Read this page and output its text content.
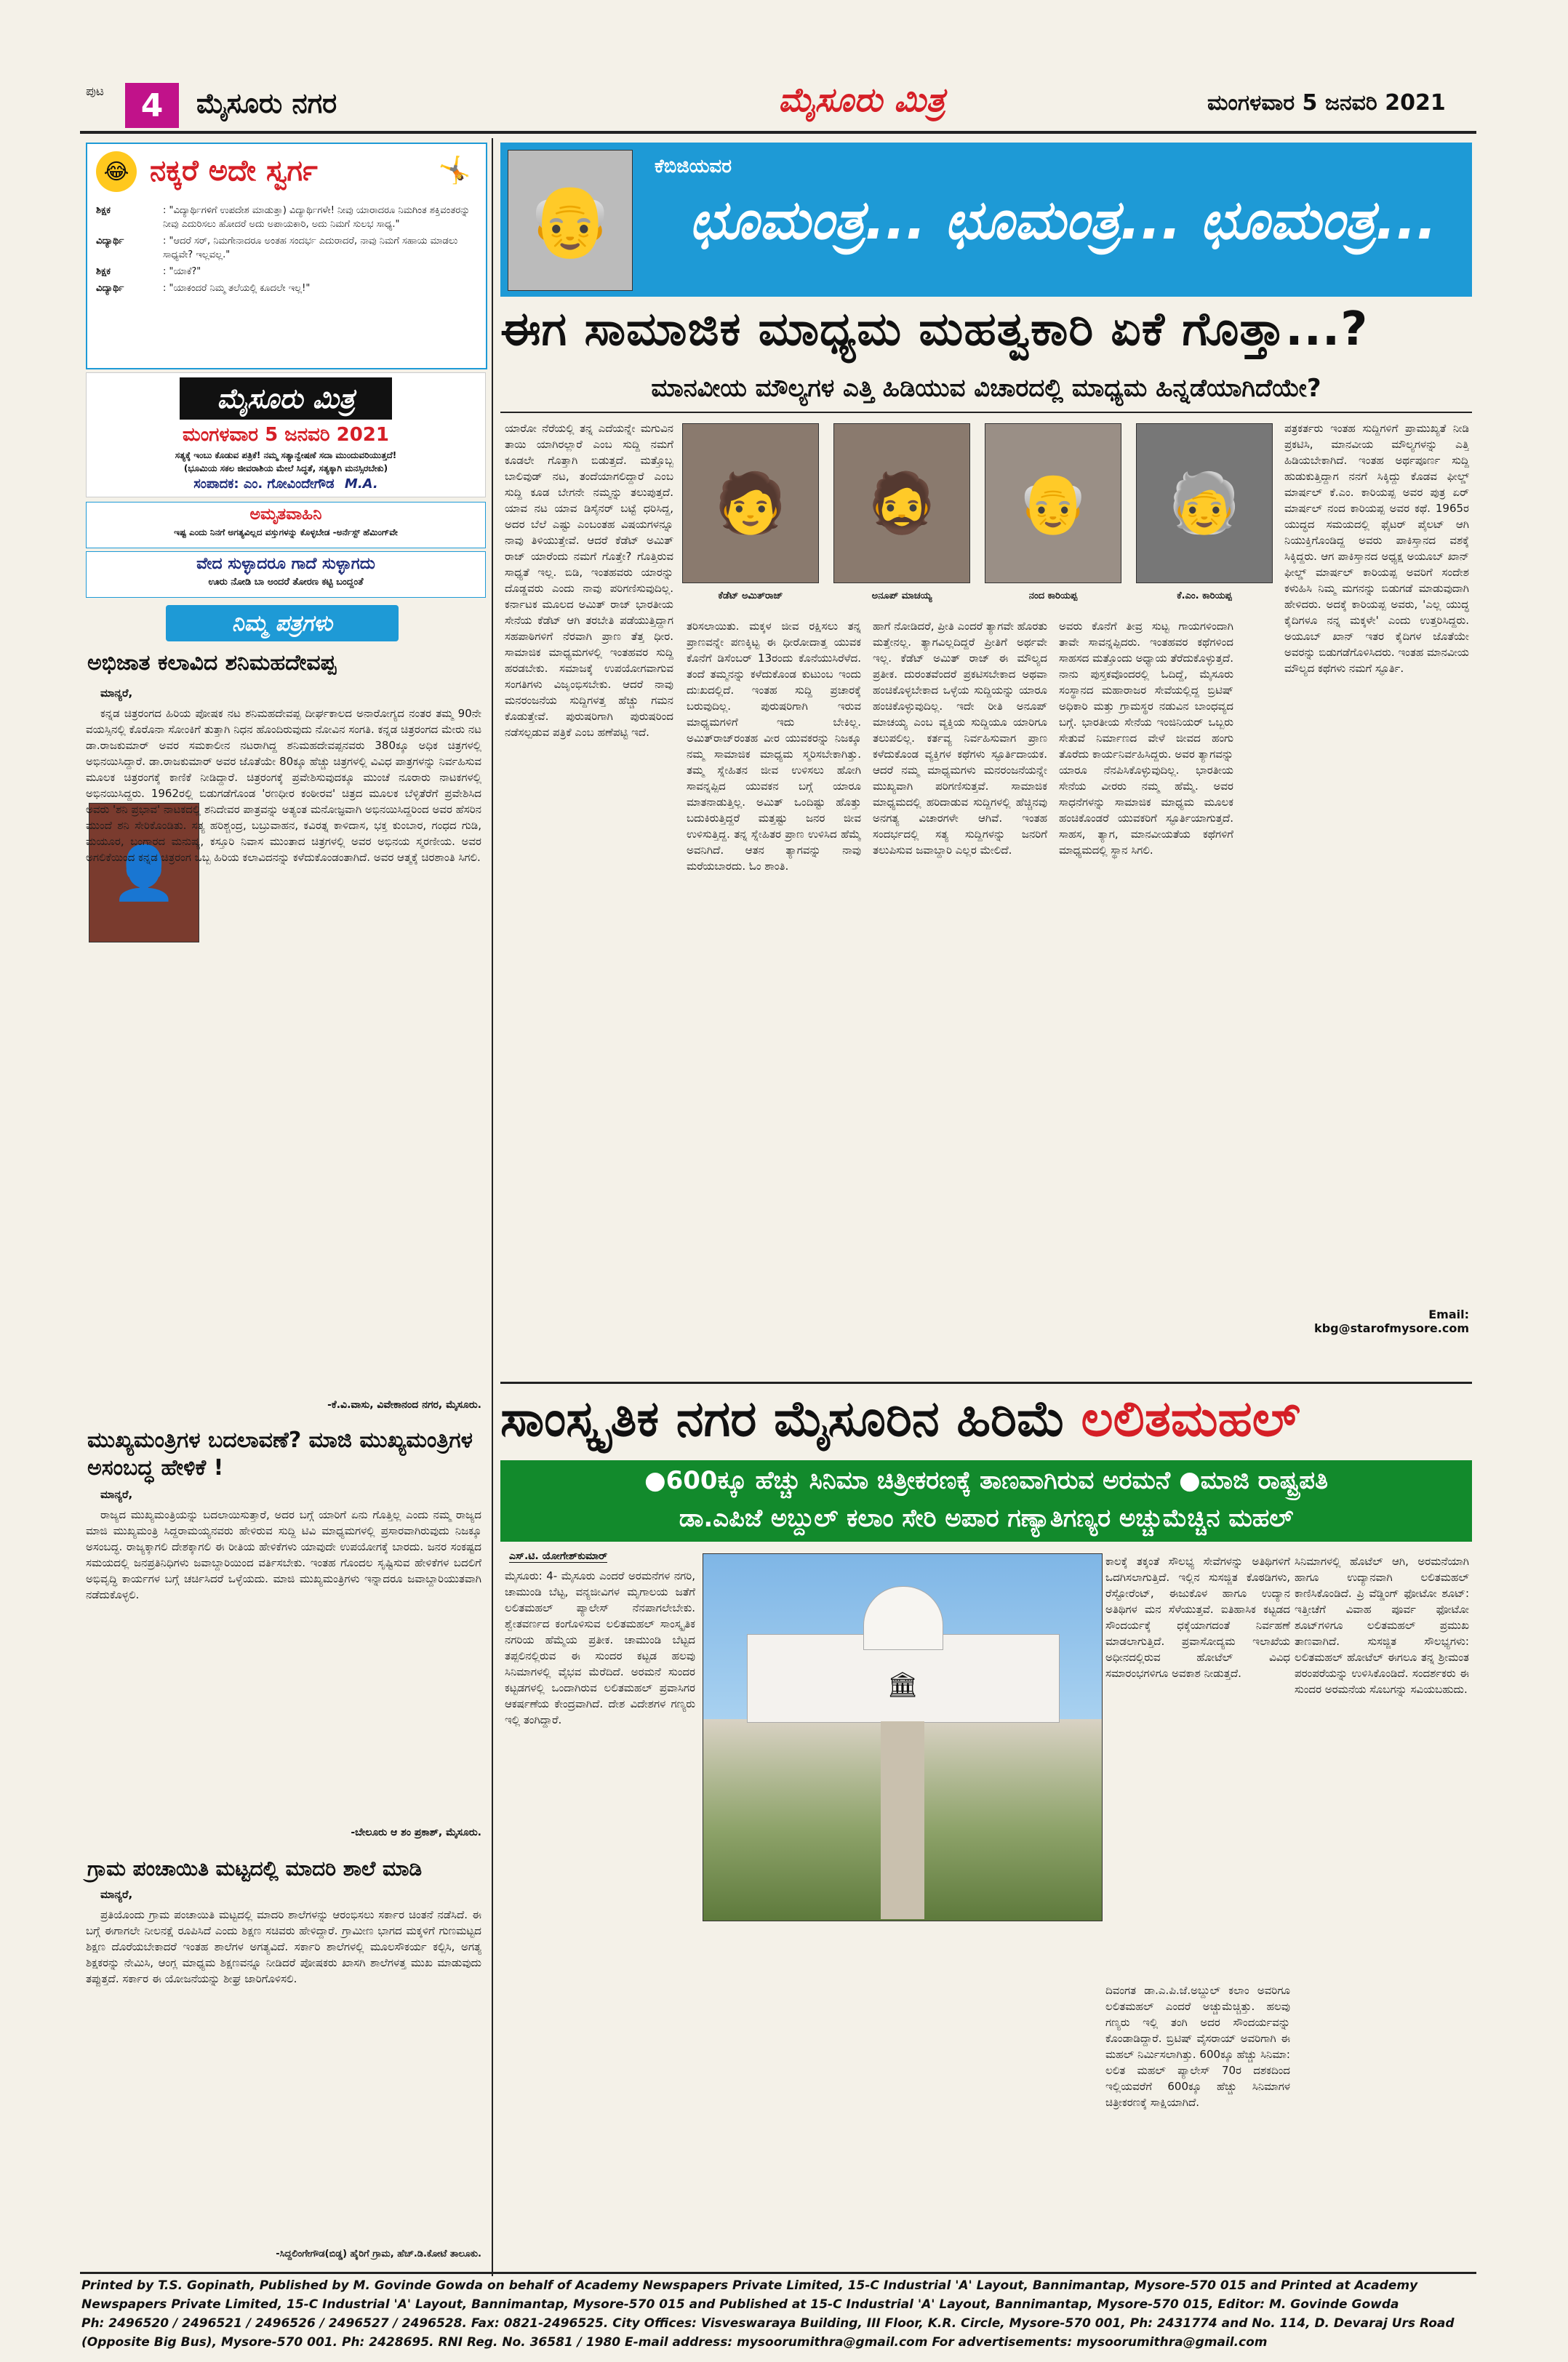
ಪುಟ 4 ಮೈಸೂರು ನಗರ	ಮೈಸೂರು ಮಿತ್ರ	ಮಂಗಳವಾರ 5 ಜನವರಿ 2021
😂 ನಕ್ಕರೆ ಅದೇ ಸ್ವರ್ಗ	🤸
ಶಿಕ್ಷಕ	: "ವಿದ್ಯಾರ್ಥಿಗಳಿಗೆ ಉಪದೇಶ ಮಾಡುತ್ತಾ) ವಿದ್ಯಾರ್ಥಿಗಳೇ! ನೀವು ಯಾರಾದರೂ ನಿಮಗಿಂತ ಶಕ್ತಿವಂತರನ್ನು ನೀವು ಎದುರಿಸಲು ಹೋದರೆ ಅದು ಅಪಾಯಕಾರಿ, ಅದು ನಿಮಗೆ ಸುಲಭ ಸಾಧ್ಯ."
ವಿದ್ಯಾರ್ಥಿ	: "ಆದರೆ ಸರ್, ನಿಮಗೇನಾದರೂ ಅಂತಹ ಸಂದರ್ಭ ಎದುರಾದರೆ, ನಾವು ನಿಮಗೆ ಸಹಾಯ ಮಾಡಲು ಸಾಧ್ಯವೇ? ಇಲ್ಲವಲ್ಲ."
ಶಿಕ್ಷಕ	: "ಯಾಕೆ?"
ವಿದ್ಯಾರ್ಥಿ	: "ಯಾಕಂದರೆ ನಿಮ್ಮ ತಲೆಯಲ್ಲಿ ಕೂದಲೇ ಇಲ್ಲ!"
ಮೈಸೂರು ಮಿತ್ರ
ಮಂಗಳವಾರ 5 ಜನವರಿ 2021
ಸತ್ಯಕ್ಕೆ ಇಂಬು ಕೊಡುವ ಪತ್ರಿಕೆ! ನಮ್ಮ ಸತ್ಯಾನ್ವೇಷಣೆ ಸದಾ ಮುಂದುವರಿಯುತ್ತದೆ!
(ಭೂಮಿಯ ಸಕಲ ಜೀವರಾಶಿಯ ಮೇಲೆ ಸಿದ್ಧತೆ, ಸತ್ಯಕ್ಕಾಗಿ ಮನಸ್ಸಿರಬೇಕು)
ಸಂಪಾದಕ: ಎಂ. ಗೋವಿಂದೇಗೌಡ M.A.
ಅಮೃತವಾಹಿನಿ
ಇಷ್ಟ ಎಂದು ನಿನಗೆ ಅಗತ್ಯವಿಲ್ಲದ ವಸ್ತುಗಳನ್ನು ಕೊಳ್ಳಬೇಡ -ಅರ್ನೆಸ್ಟ್ ಹೆಮಿಂಗ್‌ವೇ
ವೇದ ಸುಳ್ಳಾದರೂ ಗಾದೆ ಸುಳ್ಳಾಗದು
ಊರು ನೋಡಿ ಬಾ ಅಂದರೆ ತೋರಣ ಕಟ್ಟಿ ಬಂದ್ದಂತೆ
ನಿಮ್ಮ ಪತ್ರಗಳು
ಅಭಿಜಾತ ಕಲಾವಿದ ಶನಿಮಹದೇವಪ್ಪ
ಮಾನ್ಯರೆ,
👤

ಕನ್ನಡ ಚಿತ್ರರಂಗದ ಹಿರಿಯ ಪೋಷಕ ನಟ ಶನಿಮಹದೇವಪ್ಪ ದೀರ್ಘಕಾಲದ ಅನಾರೋಗ್ಯದ ನಂತರ ತಮ್ಮ 90ನೇ ವಯಸ್ಸಿನಲ್ಲಿ ಕೊರೊನಾ ಸೋಂಕಿಗೆ ತುತ್ತಾಗಿ ನಿಧನ ಹೊಂದಿರುವುದು ನೋವಿನ ಸಂಗತಿ. ಕನ್ನಡ ಚಿತ್ರರಂಗದ ಮೇರು ನಟ ಡಾ.ರಾಜಕುಮಾರ್ ಅವರ ಸಮಕಾಲೀನ ನಟರಾಗಿದ್ದ ಶನಿಮಹದೇವಪ್ಪನವರು 380ಕ್ಕೂ ಅಧಿಕ ಚಿತ್ರಗಳಲ್ಲಿ ಅಭಿನಯಿಸಿದ್ದಾರೆ. ಡಾ.ರಾಜಕುಮಾರ್ ಅವರ ಜೊತೆಯೇ 80ಕ್ಕೂ ಹೆಚ್ಚು ಚಿತ್ರಗಳಲ್ಲಿ ವಿವಿಧ ಪಾತ್ರಗಳನ್ನು ನಿರ್ವಹಿಸುವ ಮೂಲಕ ಚಿತ್ರರಂಗಕ್ಕೆ ಕಾಣಿಕೆ ನೀಡಿದ್ದಾರೆ. ಚಿತ್ರರಂಗಕ್ಕೆ ಪ್ರವೇಶಿಸುವುದಕ್ಕೂ ಮುಂಚೆ ನೂರಾರು ನಾಟಕಗಳಲ್ಲಿ ಅಭಿನಯಿಸಿದ್ದರು. 1962ರಲ್ಲಿ ಬಿಡುಗಡೆಗೊಂಡ 'ರಣಧೀರ ಕಂಠೀರವ' ಚಿತ್ರದ ಮೂಲಕ ಬೆಳ್ಳಿತೆರೆಗೆ ಪ್ರವೇಶಿಸಿದ ಅವರು 'ಶನಿ ಪ್ರಭಾವ' ನಾಟಕದಲ್ಲಿ ಶನಿದೇವರ ಪಾತ್ರವನ್ನು ಅತ್ಯಂತ ಮನೋಜ್ಞವಾಗಿ ಅಭಿನಯಿಸಿದ್ದರಿಂದ ಅವರ ಹೆಸರಿನ ಮುಂದೆ ಶನಿ ಸೇರಿಕೊಂಡಿತು. ಸತ್ಯ ಹರಿಶ್ಚಂದ್ರ, ಬಬ್ರುವಾಹನ, ಕವಿರತ್ನ ಕಾಳಿದಾಸ, ಭಕ್ತ ಕುಂಬಾರ, ಗಂಧದ ಗುಡಿ, ಮಯೂರ, ಬಂಗಾರದ ಮನುಷ್ಯ, ಕಸ್ತೂರಿ ನಿವಾಸ ಮುಂತಾದ ಚಿತ್ರಗಳಲ್ಲಿ ಅವರ ಅಭಿನಯ ಸ್ಮರಣೀಯ. ಅವರ ಅಗಲಿಕೆಯಿಂದ ಕನ್ನಡ ಚಿತ್ರರಂಗ ಒಬ್ಬ ಹಿರಿಯ ಕಲಾವಿದನನ್ನು ಕಳೆದುಕೊಂಡಂತಾಗಿದೆ. ಅವರ ಆತ್ಮಕ್ಕೆ ಚಿರಶಾಂತಿ ಸಿಗಲಿ.

-ಕೆ.ವಿ.ವಾಸು, ವಿವೇಕಾನಂದ ನಗರ, ಮೈಸೂರು.
ಮುಖ್ಯಮಂತ್ರಿಗಳ ಬದಲಾವಣೆ? ಮಾಜಿ ಮುಖ್ಯಮಂತ್ರಿಗಳ ಅಸಂಬದ್ಧ ಹೇಳಿಕೆ !
ಮಾನ್ಯರೆ,

ರಾಜ್ಯದ ಮುಖ್ಯಮಂತ್ರಿಯನ್ನು ಬದಲಾಯಿಸುತ್ತಾರೆ, ಅದರ ಬಗ್ಗೆ ಯಾರಿಗೆ ಏನು ಗೊತ್ತಿಲ್ಲ ಎಂದು ನಮ್ಮ ರಾಜ್ಯದ ಮಾಜಿ ಮುಖ್ಯಮಂತ್ರಿ ಸಿದ್ದರಾಮಯ್ಯನವರು ಹೇಳಿರುವ ಸುದ್ದಿ ಟಿವಿ ಮಾಧ್ಯಮಗಳಲ್ಲಿ ಪ್ರಸಾರವಾಗಿರುವುದು ನಿಜಕ್ಕೂ ಅಸಂಬದ್ಧ. ರಾಜ್ಯಕ್ಕಾಗಲಿ ದೇಶಕ್ಕಾಗಲಿ ಈ ರೀತಿಯ ಹೇಳಿಕೆಗಳು ಯಾವುದೇ ಉಪಯೋಗಕ್ಕೆ ಬಾರದು. ಜನರ ಸಂಕಷ್ಟದ ಸಮಯದಲ್ಲಿ ಜನಪ್ರತಿನಿಧಿಗಳು ಜವಾಬ್ದಾರಿಯಿಂದ ವರ್ತಿಸಬೇಕು. ಇಂತಹ ಗೊಂದಲ ಸೃಷ್ಟಿಸುವ ಹೇಳಿಕೆಗಳ ಬದಲಿಗೆ ಅಭಿವೃದ್ಧಿ ಕಾರ್ಯಗಳ ಬಗ್ಗೆ ಚರ್ಚಿಸಿದರೆ ಒಳ್ಳೆಯದು. ಮಾಜಿ ಮುಖ್ಯಮಂತ್ರಿಗಳು ಇನ್ನಾದರೂ ಜವಾಬ್ದಾರಿಯುತವಾಗಿ ನಡೆದುಕೊಳ್ಳಲಿ.

-ಬೇಲೂರು ಆ ಶಂ ಪ್ರಕಾಶ್, ಮೈಸೂರು.
ಗ್ರಾಮ ಪಂಚಾಯಿತಿ ಮಟ್ಟದಲ್ಲಿ ಮಾದರಿ ಶಾಲೆ ಮಾಡಿ
ಮಾನ್ಯರೆ,

ಪ್ರತಿಯೊಂದು ಗ್ರಾಮ ಪಂಚಾಯಿತಿ ಮಟ್ಟದಲ್ಲಿ ಮಾದರಿ ಶಾಲೆಗಳನ್ನು ಆರಂಭಿಸಲು ಸರ್ಕಾರ ಚಿಂತನೆ ನಡೆಸಿದೆ. ಈ ಬಗ್ಗೆ ಈಗಾಗಲೇ ನೀಲನಕ್ಷೆ ರೂಪಿಸಿದೆ ಎಂದು ಶಿಕ್ಷಣ ಸಚಿವರು ಹೇಳಿದ್ದಾರೆ. ಗ್ರಾಮೀಣ ಭಾಗದ ಮಕ್ಕಳಿಗೆ ಗುಣಮಟ್ಟದ ಶಿಕ್ಷಣ ದೊರೆಯಬೇಕಾದರೆ ಇಂತಹ ಶಾಲೆಗಳ ಅಗತ್ಯವಿದೆ. ಸರ್ಕಾರಿ ಶಾಲೆಗಳಲ್ಲಿ ಮೂಲಸೌಕರ್ಯ ಕಲ್ಪಿಸಿ, ಅಗತ್ಯ ಶಿಕ್ಷಕರನ್ನು ನೇಮಿಸಿ, ಆಂಗ್ಲ ಮಾಧ್ಯಮ ಶಿಕ್ಷಣವನ್ನೂ ನೀಡಿದರೆ ಪೋಷಕರು ಖಾಸಗಿ ಶಾಲೆಗಳತ್ತ ಮುಖ ಮಾಡುವುದು ತಪ್ಪುತ್ತದೆ. ಸರ್ಕಾರ ಈ ಯೋಜನೆಯನ್ನು ಶೀಘ್ರ ಜಾರಿಗೊಳಿಸಲಿ.

-ಸಿದ್ದಲಿಂಗೇಗೌಡ(ಬಿಡ್ಡ) ಹೈರಿಗೆ ಗ್ರಾಮ, ಹೆಚ್.ಡಿ.ಕೋಟೆ ತಾಲೂಕು.
👴
ಕೆಬಿಜಿಯವರ
ಛೂಮಂತ್ರ... ಛೂಮಂತ್ರ... ಛೂಮಂತ್ರ...
ಈಗ ಸಾಮಾಜಿಕ ಮಾಧ್ಯಮ ಮಹತ್ವಕಾರಿ ಏಕೆ ಗೊತ್ತಾ...?
ಮಾನವೀಯ ಮೌಲ್ಯಗಳ ಎತ್ತಿ ಹಿಡಿಯುವ ವಿಚಾರದಲ್ಲಿ ಮಾಧ್ಯಮ ಹಿನ್ನಡೆಯಾಗಿದೆಯೇ?
🧑
ಕೆಡೆಟ್ ಅಮಿತ್‌ರಾಜ್
🧔
ಅನೂಪ್ ಮಾಚಯ್ಯ
👴
ನಂದ ಕಾರಿಯಪ್ಪ
🧓
ಕೆ.ಎಂ. ಕಾರಿಯಪ್ಪ

ಯಾರೋ ನೆರೆಯಲ್ಲಿ ತನ್ನ ಎದೆಯನ್ನೇ ಮಗುವಿನ ತಾಯಿ ಯಾಗಿರಲ್ಲಾರೆ ಎಂಬ ಸುದ್ದಿ ನಮಗೆ ಕೂಡಲೇ ಗೊತ್ತಾಗಿ ಬಿಡುತ್ತದೆ. ಮತ್ತೊಬ್ಬ ಬಾಲಿವುಡ್ ನಟ, ತಂದೆಯಾಗಲಿದ್ದಾರೆ ಎಂಬ ಸುದ್ದಿ ಕೂಡ ಬೇಗನೇ ನಮ್ಮನ್ನು ತಲುಪುತ್ತದೆ. ಯಾವ ನಟ ಯಾವ ಡಿಸೈನರ್ ಬಟ್ಟೆ ಧರಿಸಿದ್ದ, ಅದರ ಬೆಲೆ ಎಷ್ಟು ಎಂಬಂತಹ ವಿಷಯಗಳನ್ನೂ ನಾವು ತಿಳಿಯುತ್ತೇವೆ. ಆದರೆ ಕೆಡೆಟ್ ಅಮಿತ್ ರಾಜ್ ಯಾರೆಂದು ನಮಗೆ ಗೊತ್ತೇ? ಗೊತ್ತಿರುವ ಸಾಧ್ಯತೆ ಇಲ್ಲ. ಬಿಡಿ, ಇಂತಹವರು ಯಾರನ್ನು ದೊಡ್ಡವರು ಎಂದು ನಾವು ಪರಿಗಣಿಸುವುದಿಲ್ಲ. ಕರ್ನಾಟಕ ಮೂಲದ ಅಮಿತ್ ರಾಜ್ ಭಾರತೀಯ ಸೇನೆಯ ಕೆಡೆಟ್ ಆಗಿ ತರಬೇತಿ ಪಡೆಯುತ್ತಿದ್ದಾಗ ಸಹಪಾಠಿಗಳಿಗೆ ನೆರವಾಗಿ ಪ್ರಾಣ ತೆತ್ತ ಧೀರ. ಸಾಮಾಜಿಕ ಮಾಧ್ಯಮಗಳಲ್ಲಿ ಇಂತಹವರ ಸುದ್ದಿ ಹರಡಬೇಕು. ಸಮಾಜಕ್ಕೆ ಉಪಯೋಗವಾಗುವ ಸಂಗತಿಗಳು ವಿಜೃಂಭಿಸಬೇಕು. ಆದರೆ ನಾವು ಮನರಂಜನೆಯ ಸುದ್ದಿಗಳತ್ತ ಹೆಚ್ಚು ಗಮನ ಕೊಡುತ್ತೇವೆ. ಪುರುಷರಿಗಾಗಿ ಪುರುಷರಿಂದ ನಡೆಸಲ್ಪಡುವ ಪತ್ರಿಕೆ ಎಂಬ ಹಣೆಪಟ್ಟಿ ಇದೆ.

ತರಿಸಲಾಯಿತು. ಮಕ್ಕಳ ಜೀವ ರಕ್ಷಿಸಲು ತನ್ನ ಪ್ರಾಣವನ್ನೇ ಪಣಕ್ಕಿಟ್ಟ ಈ ಧೀರೋದಾತ್ತ ಯುವಕ ಕೊನೆಗೆ ಡಿಸೆಂಬರ್ 13ರಂದು ಕೊನೆಯುಸಿರೆಳೆದ. ತಂದೆ ತಮ್ಮನನ್ನು ಕಳೆದುಕೊಂಡ ಕುಟುಂಬ ಇಂದು ದುಃಖದಲ್ಲಿದೆ. ಇಂತಹ ಸುದ್ದಿ ಪ್ರಚಾರಕ್ಕೆ ಬರುವುದಿಲ್ಲ. ಪುರುಷರಿಗಾಗಿ ಇರುವ ಮಾಧ್ಯಮಗಳಿಗೆ ಇದು ಬೇಕಿಲ್ಲ. ಅಮಿತ್‌ರಾಜ್‌ರಂತಹ ವೀರ ಯುವಕರನ್ನು ನಿಜಕ್ಕೂ ನಮ್ಮ ಸಾಮಾಜಿಕ ಮಾಧ್ಯಮ ಸ್ಮರಿಸಬೇಕಾಗಿತ್ತು. ತಮ್ಮ ಸ್ನೇಹಿತನ ಜೀವ ಉಳಿಸಲು ಹೋಗಿ ಸಾವನ್ನಪ್ಪಿದ ಯುವಕನ ಬಗ್ಗೆ ಯಾರೂ ಮಾತನಾಡುತ್ತಿಲ್ಲ. ಅಮಿತ್ ಒಂದಿಷ್ಟು ಹೊತ್ತು ಬದುಕಿರುತ್ತಿದ್ದರೆ ಮತ್ತಷ್ಟು ಜನರ ಜೀವ ಉಳಿಸುತ್ತಿದ್ದ. ತನ್ನ ಸ್ನೇಹಿತರ ಪ್ರಾಣ ಉಳಿಸಿದ ಹೆಮ್ಮೆ ಅವನಿಗಿದೆ. ಆತನ ತ್ಯಾಗವನ್ನು ನಾವು ಮರೆಯಬಾರದು. ಓಂ ಶಾಂತಿ.

ಹಾಗೆ ನೋಡಿದರೆ, ಪ್ರೀತಿ ಎಂದರೆ ತ್ಯಾಗವೇ ಹೊರತು ಮತ್ತೇನಲ್ಲ. ತ್ಯಾಗವಿಲ್ಲದಿದ್ದರೆ ಪ್ರೀತಿಗೆ ಅರ್ಥವೇ ಇಲ್ಲ. ಕೆಡೆಟ್ ಅಮಿತ್ ರಾಜ್ ಈ ಮೌಲ್ಯದ ಪ್ರತೀಕ. ದುರಂತವೆಂದರೆ ಪ್ರಕಟಿಸಬೇಕಾದ ಅಥವಾ ಹಂಚಿಕೊಳ್ಳಬೇಕಾದ ಒಳ್ಳೆಯ ಸುದ್ದಿಯನ್ನು ಯಾರೂ ಹಂಚಿಕೊಳ್ಳುವುದಿಲ್ಲ. ಇದೇ ರೀತಿ ಅನೂಪ್ ಮಾಚಯ್ಯ ಎಂಬ ವ್ಯಕ್ತಿಯ ಸುದ್ದಿಯೂ ಯಾರಿಗೂ ತಲುಪಲಿಲ್ಲ. ಕರ್ತವ್ಯ ನಿರ್ವಹಿಸುವಾಗ ಪ್ರಾಣ ಕಳೆದುಕೊಂಡ ವ್ಯಕ್ತಿಗಳ ಕಥೆಗಳು ಸ್ಫೂರ್ತಿದಾಯಕ. ಆದರೆ ನಮ್ಮ ಮಾಧ್ಯಮಗಳು ಮನರಂಜನೆಯನ್ನೇ ಮುಖ್ಯವಾಗಿ ಪರಿಗಣಿಸುತ್ತವೆ. ಸಾಮಾಜಿಕ ಮಾಧ್ಯಮದಲ್ಲಿ ಹರಿದಾಡುವ ಸುದ್ದಿಗಳಲ್ಲಿ ಹೆಚ್ಚಿನವು ಅನಗತ್ಯ ವಿಚಾರಗಳೇ ಆಗಿವೆ. ಇಂತಹ ಸಂದರ್ಭದಲ್ಲಿ ಸತ್ಯ ಸುದ್ದಿಗಳನ್ನು ಜನರಿಗೆ ತಲುಪಿಸುವ ಜವಾಬ್ದಾರಿ ಎಲ್ಲರ ಮೇಲಿದೆ.

ಅವರು ಕೊನೆಗೆ ತೀವ್ರ ಸುಟ್ಟ ಗಾಯಗಳಿಂದಾಗಿ ತಾವೇ ಸಾವನ್ನಪ್ಪಿದರು. ಇಂತಹವರ ಕಥೆಗಳಿಂದ ಸಾಹಸದ ಮತ್ತೊಂದು ಅಧ್ಯಾಯ ತೆರೆದುಕೊಳ್ಳುತ್ತದೆ. ನಾನು ಪುಸ್ತಕವೊಂದರಲ್ಲಿ ಓದಿದ್ದೆ, ಮೈಸೂರು ಸಂಸ್ಥಾನದ ಮಹಾರಾಜರ ಸೇವೆಯಲ್ಲಿದ್ದ ಬ್ರಿಟಿಷ್ ಅಧಿಕಾರಿ ಮತ್ತು ಗ್ರಾಮಸ್ಥರ ನಡುವಿನ ಬಾಂಧವ್ಯದ ಬಗ್ಗೆ. ಭಾರತೀಯ ಸೇನೆಯ ಇಂಜಿನಿಯರ್ ಒಬ್ಬರು ಸೇತುವೆ ನಿರ್ಮಾಣದ ವೇಳೆ ಜೀವದ ಹಂಗು ತೊರೆದು ಕಾರ್ಯನಿರ್ವಹಿಸಿದ್ದರು. ಅವರ ತ್ಯಾಗವನ್ನು ಯಾರೂ ನೆನಪಿಸಿಕೊಳ್ಳುವುದಿಲ್ಲ. ಭಾರತೀಯ ಸೇನೆಯ ವೀರರು ನಮ್ಮ ಹೆಮ್ಮೆ. ಅವರ ಸಾಧನೆಗಳನ್ನು ಸಾಮಾಜಿಕ ಮಾಧ್ಯಮ ಮೂಲಕ ಹಂಚಿಕೊಂಡರೆ ಯುವಕರಿಗೆ ಸ್ಫೂರ್ತಿಯಾಗುತ್ತದೆ. ಸಾಹಸ, ತ್ಯಾಗ, ಮಾನವೀಯತೆಯ ಕಥೆಗಳಿಗೆ ಮಾಧ್ಯಮದಲ್ಲಿ ಸ್ಥಾನ ಸಿಗಲಿ.

ಪತ್ರಕರ್ತರು ಇಂತಹ ಸುದ್ದಿಗಳಿಗೆ ಪ್ರಾಮುಖ್ಯತೆ ನೀಡಿ ಪ್ರಕಟಿಸಿ, ಮಾನವೀಯ ಮೌಲ್ಯಗಳನ್ನು ಎತ್ತಿ ಹಿಡಿಯಬೇಕಾಗಿದೆ. ಇಂತಹ ಅರ್ಥಪೂರ್ಣ ಸುದ್ದಿ ಹುಡುಕುತ್ತಿದ್ದಾಗ ನನಗೆ ಸಿಕ್ಕಿದ್ದು ಕೊಡವ ಫೀಲ್ಡ್ ಮಾರ್ಷಲ್ ಕೆ.ಎಂ. ಕಾರಿಯಪ್ಪ ಅವರ ಪುತ್ರ ಏರ್ ಮಾರ್ಷಲ್ ನಂದ ಕಾರಿಯಪ್ಪ ಅವರ ಕಥೆ. 1965ರ ಯುದ್ಧದ ಸಮಯದಲ್ಲಿ ಫೈಟರ್ ಪೈಲಟ್ ಆಗಿ ನಿಯುಕ್ತಿಗೊಂಡಿದ್ದ ಅವರು ಪಾಕಿಸ್ತಾನದ ವಶಕ್ಕೆ ಸಿಕ್ಕಿದ್ದರು. ಆಗ ಪಾಕಿಸ್ತಾನದ ಅಧ್ಯಕ್ಷ ಅಯೂಬ್ ಖಾನ್ ಫೀಲ್ಡ್ ಮಾರ್ಷಲ್ ಕಾರಿಯಪ್ಪ ಅವರಿಗೆ ಸಂದೇಶ ಕಳುಹಿಸಿ ನಿಮ್ಮ ಮಗನನ್ನು ಬಿಡುಗಡೆ ಮಾಡುವುದಾಗಿ ಹೇಳಿದರು. ಅದಕ್ಕೆ ಕಾರಿಯಪ್ಪ ಅವರು, 'ಎಲ್ಲ ಯುದ್ಧ ಕೈದಿಗಳೂ ನನ್ನ ಮಕ್ಕಳೇ' ಎಂದು ಉತ್ತರಿಸಿದ್ದರು. ಅಯೂಬ್ ಖಾನ್ ಇತರ ಕೈದಿಗಳ ಜೊತೆಯೇ ಅವರನ್ನು ಬಿಡುಗಡೆಗೊಳಿಸಿದರು. ಇಂತಹ ಮಾನವೀಯ ಮೌಲ್ಯದ ಕಥೆಗಳು ನಮಗೆ ಸ್ಫೂರ್ತಿ.

Email:
kbg@starofmysore.com
ಸಾಂಸ್ಕೃತಿಕ ನಗರ ಮೈಸೂರಿನ ಹಿರಿಮೆ ಲಲಿತಮಹಲ್
●600ಕ್ಕೂ ಹೆಚ್ಚು ಸಿನಿಮಾ ಚಿತ್ರೀಕರಣಕ್ಕೆ ತಾಣವಾಗಿರುವ ಅರಮನೆ ●ಮಾಜಿ ರಾಷ್ಟ್ರಪತಿ
ಡಾ.ಎಪಿಜೆ ಅಬ್ದುಲ್ ಕಲಾಂ ಸೇರಿ ಅಪಾರ ಗಣ್ಯಾತಿಗಣ್ಯರ ಅಚ್ಚುಮೆಚ್ಚಿನ ಮಹಲ್
ಎಸ್.ಟಿ. ಯೋಗೇಶ್‌ಕುಮಾರ್

ಮೈಸೂರು: 4- ಮೈಸೂರು ಎಂದರೆ ಅರಮನೆಗಳ ನಗರಿ, ಚಾಮುಂಡಿ ಬೆಟ್ಟ, ವನ್ಯಜೀವಿಗಳ ಮೃಗಾಲಯ ಜತೆಗೆ ಲಲಿತಮಹಲ್ ಪ್ಯಾಲೇಸ್ ನೆನಪಾಗಲೇಬೇಕು. ಶ್ವೇತವರ್ಣದ ಕಂಗೊಳಿಸುವ ಲಲಿತಮಹಲ್ ಸಾಂಸ್ಕೃತಿಕ ನಗರಿಯ ಹೆಮ್ಮೆಯ ಪ್ರತೀಕ. ಚಾಮುಂಡಿ ಬೆಟ್ಟದ ತಪ್ಪಲಿನಲ್ಲಿರುವ ಈ ಸುಂದರ ಕಟ್ಟಡ ಹಲವು ಸಿನಿಮಾಗಳಲ್ಲಿ ವೈಭವ ಮೆರೆದಿದೆ. ಅರಮನೆ ಸುಂದರ ಕಟ್ಟಡಗಳಲ್ಲಿ ಒಂದಾಗಿರುವ ಲಲಿತಮಹಲ್ ಪ್ರವಾಸಿಗರ ಆಕರ್ಷಣೆಯ ಕೇಂದ್ರವಾಗಿದೆ. ದೇಶ ವಿದೇಶಗಳ ಗಣ್ಯರು ಇಲ್ಲಿ ತಂಗಿದ್ದಾರೆ.

🏛

ಕಾಲಕ್ಕೆ ತಕ್ಕಂತೆ ಸೌಲಭ್ಯ ಸೇವೆಗಳನ್ನು ಅತಿಥಿಗಳಿಗೆ ಒದಗಿಸಲಾಗುತ್ತಿದೆ. ಇಲ್ಲಿನ ಸುಸಜ್ಜಿತ ಕೊಠಡಿಗಳು, ರೆಸ್ಟೋರೆಂಟ್, ಈಜುಕೊಳ ಹಾಗೂ ಉದ್ಯಾನ ಅತಿಥಿಗಳ ಮನ ಸೆಳೆಯುತ್ತವೆ. ಐತಿಹಾಸಿಕ ಕಟ್ಟಡದ ಸೌಂದರ್ಯಕ್ಕೆ ಧಕ್ಕೆಯಾಗದಂತೆ ನಿರ್ವಹಣೆ ಮಾಡಲಾಗುತ್ತಿದೆ. ಪ್ರವಾಸೋದ್ಯಮ ಇಲಾಖೆಯ ಅಧೀನದಲ್ಲಿರುವ ಹೋಟೆಲ್ ವಿವಿಧ ಸಮಾರಂಭಗಳಿಗೂ ಅವಕಾಶ ನೀಡುತ್ತದೆ.

ದಿವಂಗತ ಡಾ.ಎ.ಪಿ.ಜೆ.ಅಬ್ದುಲ್ ಕಲಾಂ ಅವರಿಗೂ ಲಲಿತಮಹಲ್ ಎಂದರೆ ಅಚ್ಚುಮೆಚ್ಚಿತ್ತು. ಹಲವು ಗಣ್ಯರು ಇಲ್ಲಿ ತಂಗಿ ಅದರ ಸೌಂದರ್ಯವನ್ನು ಕೊಂಡಾಡಿದ್ದಾರೆ. ಬ್ರಿಟಿಷ್ ವೈಸರಾಯ್ ಅವರಿಗಾಗಿ ಈ ಮಹಲ್ ನಿರ್ಮಿಸಲಾಗಿತ್ತು. 600ಕ್ಕೂ ಹೆಚ್ಚು ಸಿನಿಮಾ: ಲಲಿತ ಮಹಲ್ ಪ್ಯಾಲೇಸ್ 70ರ ದಶಕದಿಂದ ಇಲ್ಲಿಯವರೆಗೆ 600ಕ್ಕೂ ಹೆಚ್ಚು ಸಿನಿಮಾಗಳ ಚಿತ್ರೀಕರಣಕ್ಕೆ ಸಾಕ್ಷಿಯಾಗಿದೆ.

ಸಿನಿಮಾಗಳಲ್ಲಿ ಹೊಟೆಲ್ ಆಗಿ, ಅರಮನೆಯಾಗಿ ಹಾಗೂ ಉದ್ಯಾನವಾಗಿ ಲಲಿತಮಹಲ್ ಕಾಣಿಸಿಕೊಂಡಿದೆ. ಪ್ರಿ ವೆಡ್ಡಿಂಗ್ ಫೋಟೋ ಶೂಟ್: ಇತ್ತೀಚೆಗೆ ವಿವಾಹ ಪೂರ್ವ ಫೋಟೋ ಶೂಟ್‌ಗಳಿಗೂ ಲಲಿತಮಹಲ್ ಪ್ರಮುಖ ತಾಣವಾಗಿದೆ. ಸುಸಜ್ಜಿತ ಸೌಲಭ್ಯಗಳು: ಲಲಿತಮಹಲ್ ಹೋಟೆಲ್ ಈಗಲೂ ತನ್ನ ಶ್ರೀಮಂತ ಪರಂಪರೆಯನ್ನು ಉಳಿಸಿಕೊಂಡಿದೆ. ಸಂದರ್ಶಕರು ಈ ಸುಂದರ ಅರಮನೆಯ ಸೊಬಗನ್ನು ಸವಿಯಬಹುದು.

Printed by T.S. Gopinath, Published by M. Govinde Gowda on behalf of Academy Newspapers Private Limited, 15-C Industrial 'A' Layout, Bannimantap, Mysore-570 015 and Printed at Academy
Newspapers Private Limited, 15-C Industrial 'A' Layout, Bannimantap, Mysore-570 015 and Published at 15-C Industrial 'A' Layout, Bannimantap, Mysore-570 015, Editor: M. Govinde Gowda
Ph: 2496520 / 2496521 / 2496526 / 2496527 / 2496528. Fax: 0821-2496525. City Offices: Visveswaraya Building, III Floor, K.R. Circle, Mysore-570 001, Ph: 2431774 and No. 114, D. Devaraj Urs Road
(Opposite Big Bus), Mysore-570 001. Ph: 2428695. RNI Reg. No. 36581 / 1980 E-mail address: mysoorumithra@gmail.com For advertisements: mysoorumithra@gmail.com
